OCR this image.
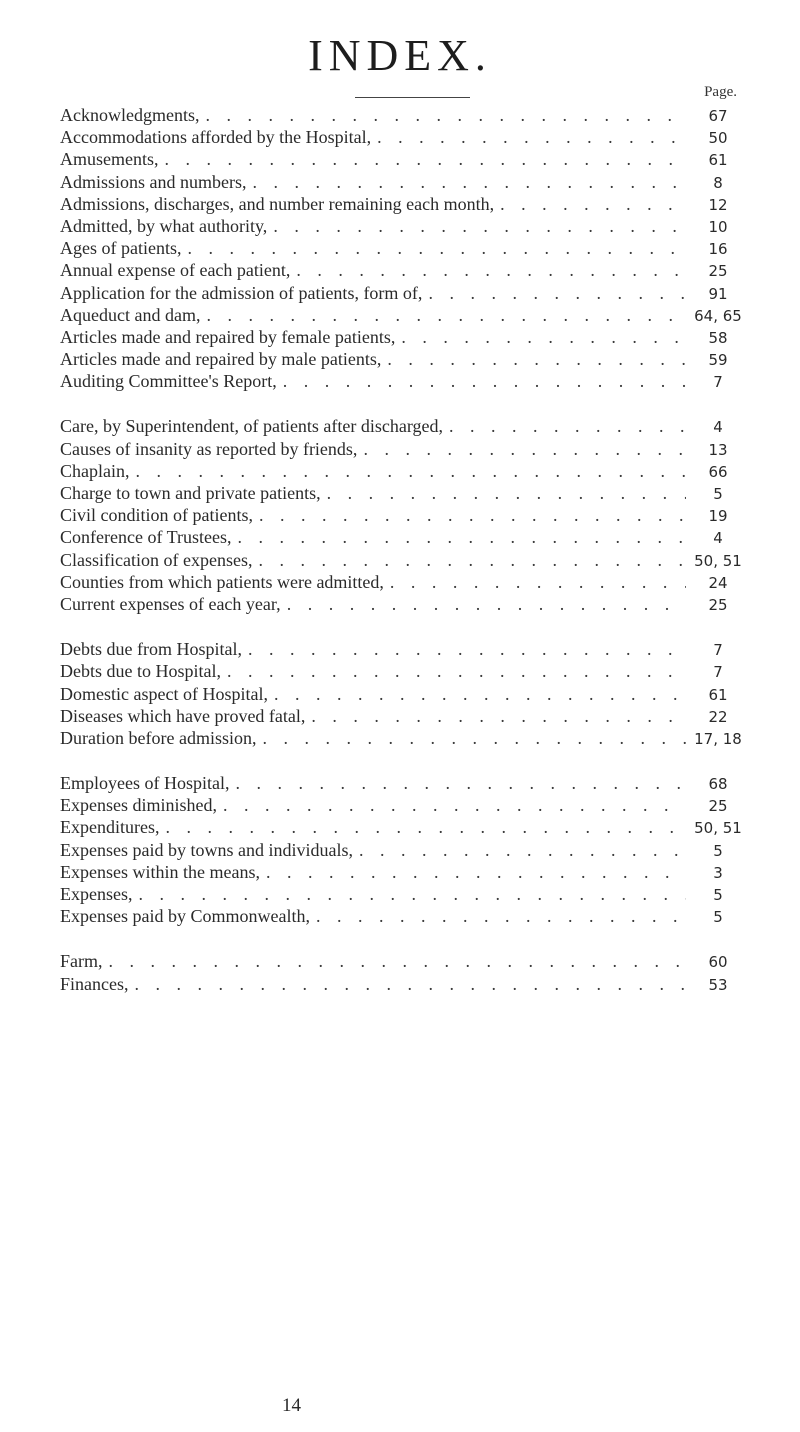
INDEX.
Page.
Acknowledgments, . . .	67
Accommodations afforded by the Hospital, . . .	50
Amusements, . . .	61
Admissions and numbers, . . .	8
Admissions, discharges, and number remaining each month, . . .	12
Admitted, by what authority, . . .	10
Ages of patients, . . .	16
Annual expense of each patient, . . .	25
Application for the admission of patients, form of, . . .	91
Aqueduct and dam, . . .	64, 65
Articles made and repaired by female patients, . . .	58
Articles made and repaired by male patients, . . .	59
Auditing Committee's Report, . . .	7
Care, by Superintendent, of patients after discharged, . . .	4
Causes of insanity as reported by friends, . . .	13
Chaplain, . . .	66
Charge to town and private patients, . . .	5
Civil condition of patients, . . .	19
Conference of Trustees, . . .	4
Classification of expenses, . . .	50, 51
Counties from which patients were admitted, . . .	24
Current expenses of each year, . . .	25
Debts due from Hospital, . . .	7
Debts due to Hospital, . . .	7
Domestic aspect of Hospital, . . .	61
Diseases which have proved fatal, . . .	22
Duration before admission, . . .	17, 18
Employees of Hospital, . . .	68
Expenses diminished, . . .	25
Expenditures, . . .	50, 51
Expenses paid by towns and individuals, . . .	5
Expenses within the means, . . .	3
Expenses, . . .	5
Expenses paid by Commonwealth, . . .	5
Farm, . . .	60
Finances, . . .	53
14
